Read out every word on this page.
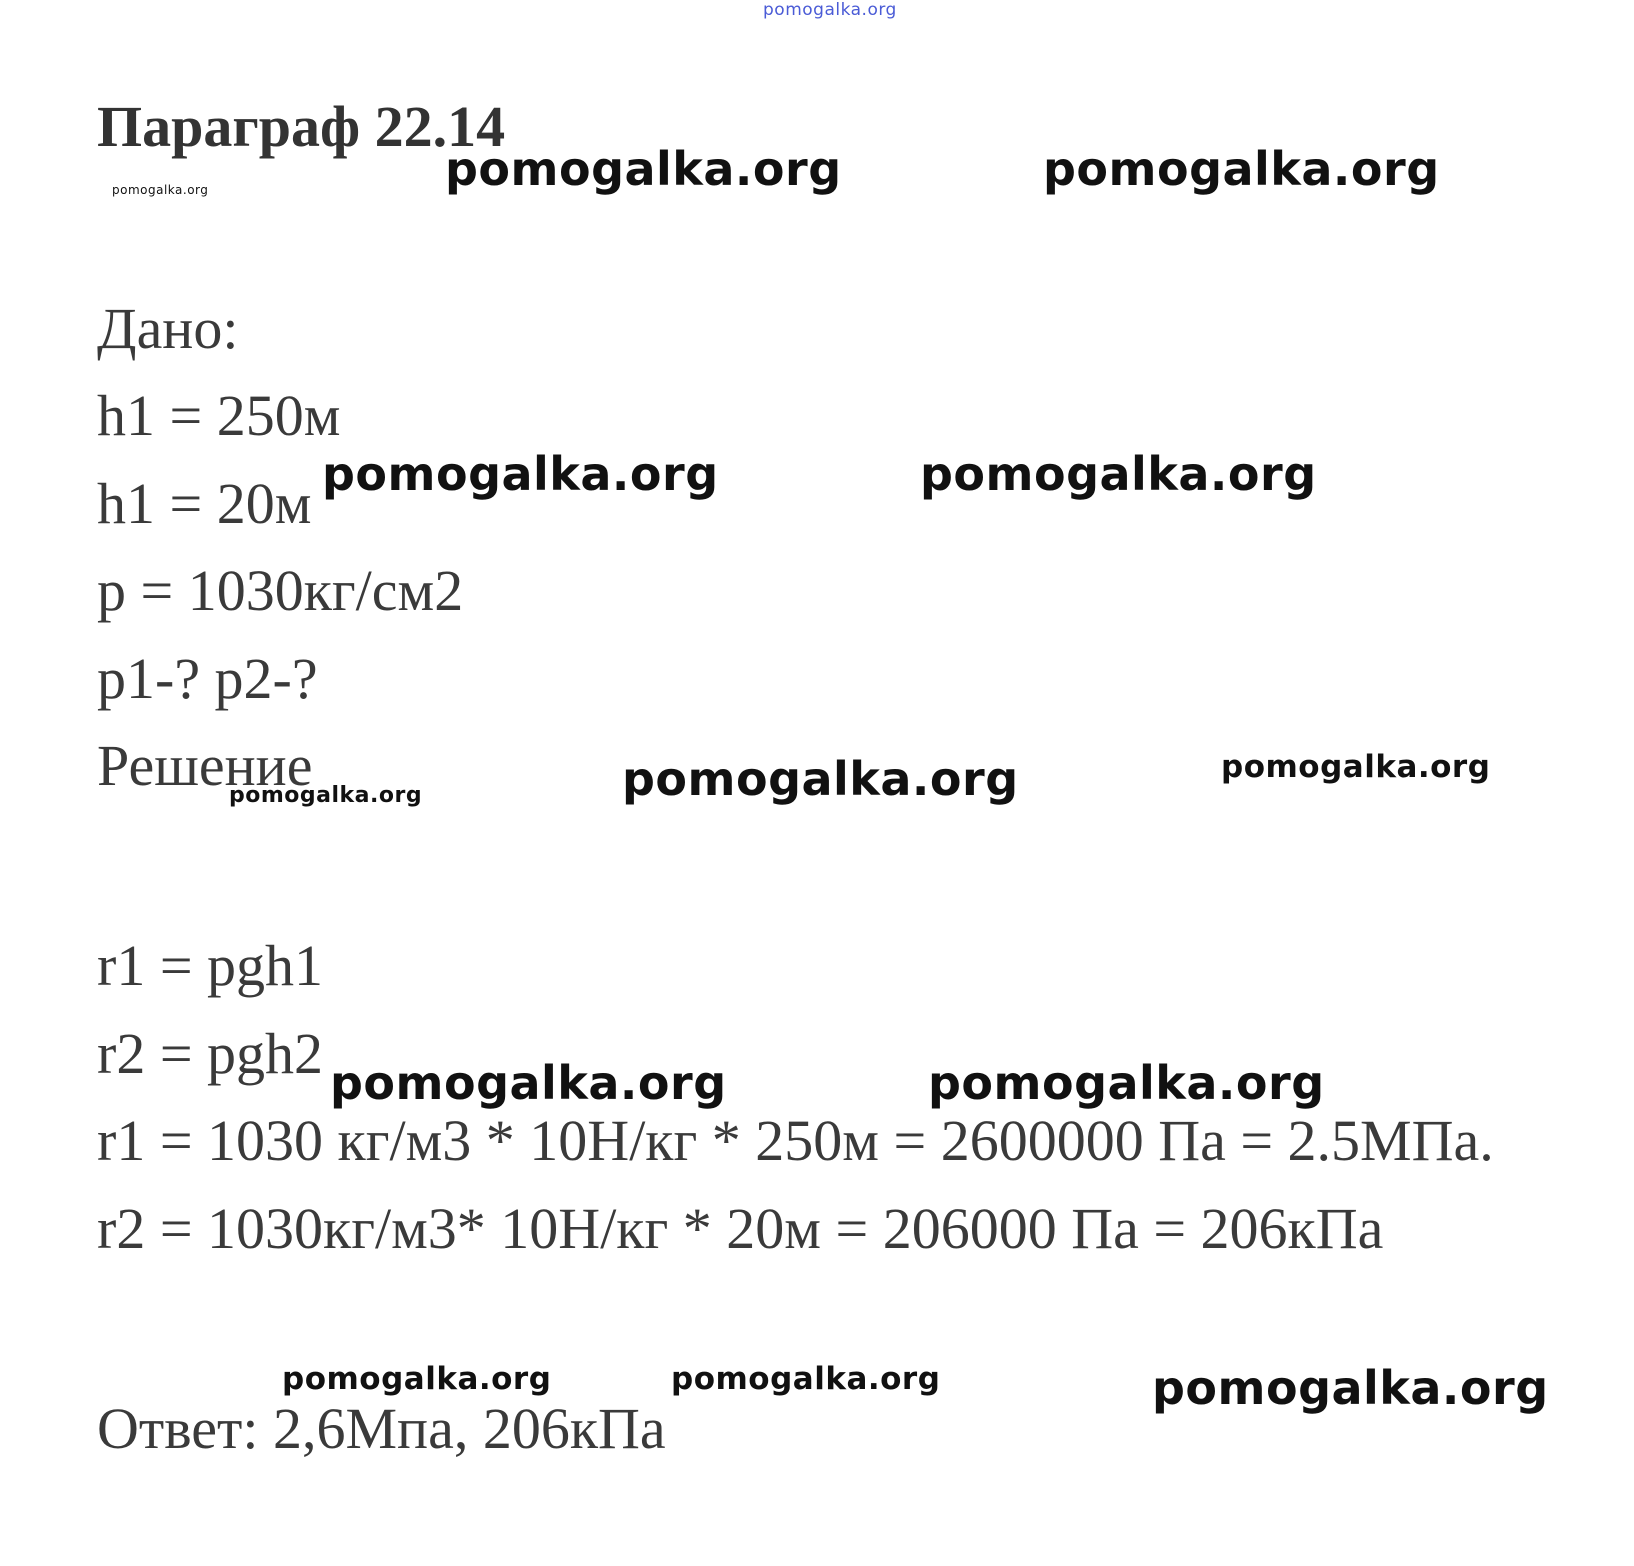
pomogalka.org
Параграф 22.14
pomogalka.org	pomogalka.org
pomogalka.org
Дано:
h1 = 250м
h1 = 20м
p = 1030кг/см2
p1-? p2-?
pomogalka.org	pomogalka.org
Решение
pomogalka.org	pomogalka.org	pomogalka.org
r1 = pgh1
r2 = pgh2 pomogalka.org	pomogalka.org
r1 = 1030 кг/м3 * 10Н/кг * 250м = 2600000 Па = 2.5МПа.
r2 = 1030кг/м3* 10Н/кг * 20м = 206000 Па = 206кПа
pomogalka.org	pomogalka.org	pomogalka.org
Ответ: 2,6Мпа, 206кПа
